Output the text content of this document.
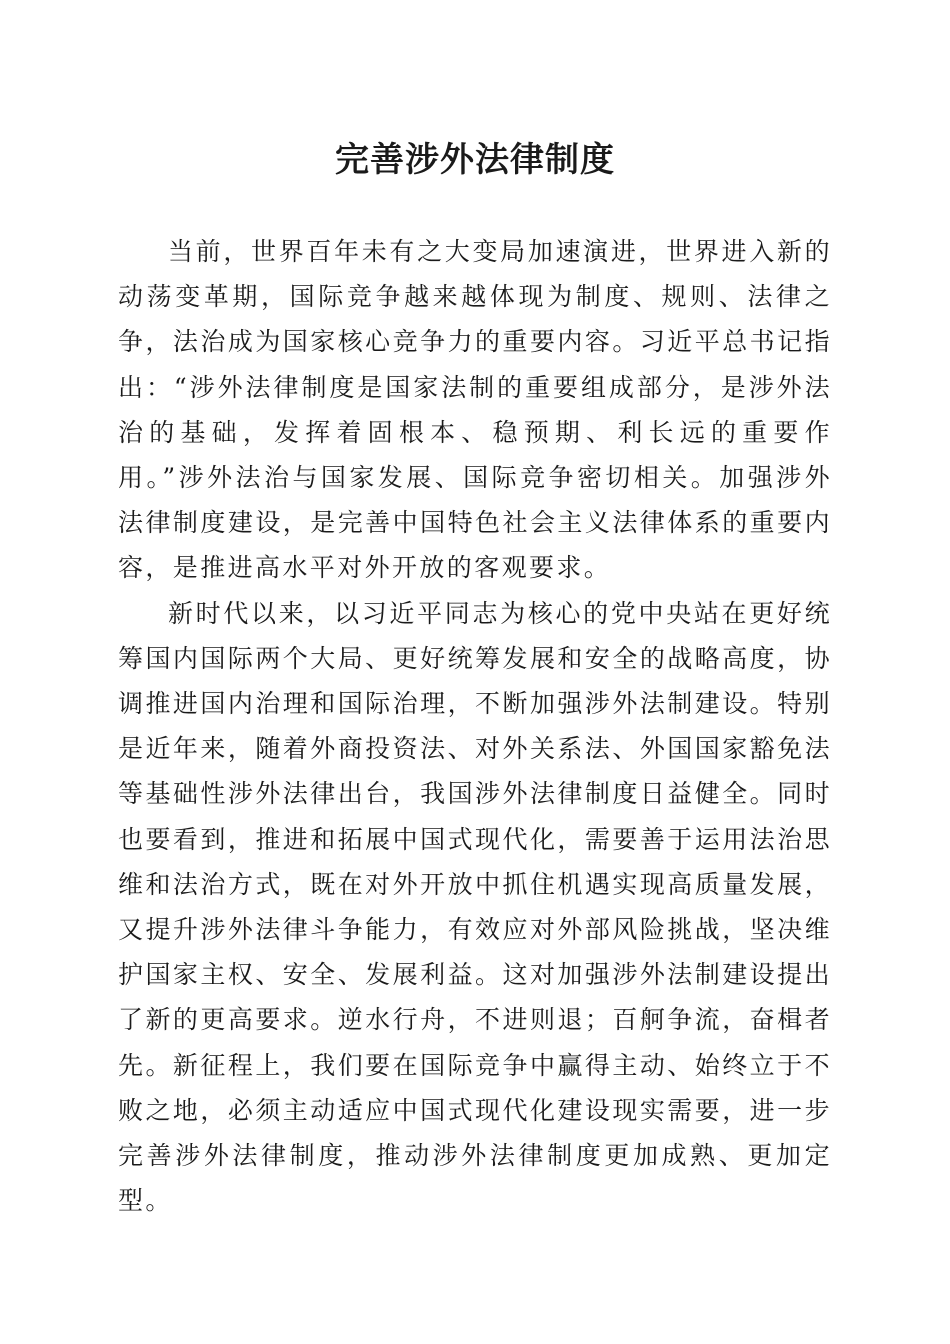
完善涉外法律制度

当前，世界百年未有之大变局加速演进，世界进入新的动荡变革期，国际竞争越来越体现为制度、规则、法律之争，法治成为国家核心竞争力的重要内容。习近平总书记指出：“涉外法律制度是国家法制的重要组成部分，是涉外法治的基础，发挥着固根本、稳预期、利长远的重要作用。”涉外法治与国家发展、国际竞争密切相关。加强涉外法律制度建设，是完善中国特色社会主义法律体系的重要内容，是推进高水平对外开放的客观要求。

新时代以来，以习近平同志为核心的党中央站在更好统筹国内国际两个大局、更好统筹发展和安全的战略高度，协调推进国内治理和国际治理，不断加强涉外法制建设。特别是近年来，随着外商投资法、对外关系法、外国国家豁免法等基础性涉外法律出台，我国涉外法律制度日益健全。同时也要看到，推进和拓展中国式现代化，需要善于运用法治思维和法治方式，既在对外开放中抓住机遇实现高质量发展，又提升涉外法律斗争能力，有效应对外部风险挑战，坚决维护国家主权、安全、发展利益。这对加强涉外法制建设提出了新的更高要求。逆水行舟，不进则退；百舸争流，奋楫者先。新征程上，我们要在国际竞争中赢得主动、始终立于不败之地，必须主动适应中国式现代化建设现实需要，进一步完善涉外法律制度，推动涉外法律制度更加成熟、更加定型。
